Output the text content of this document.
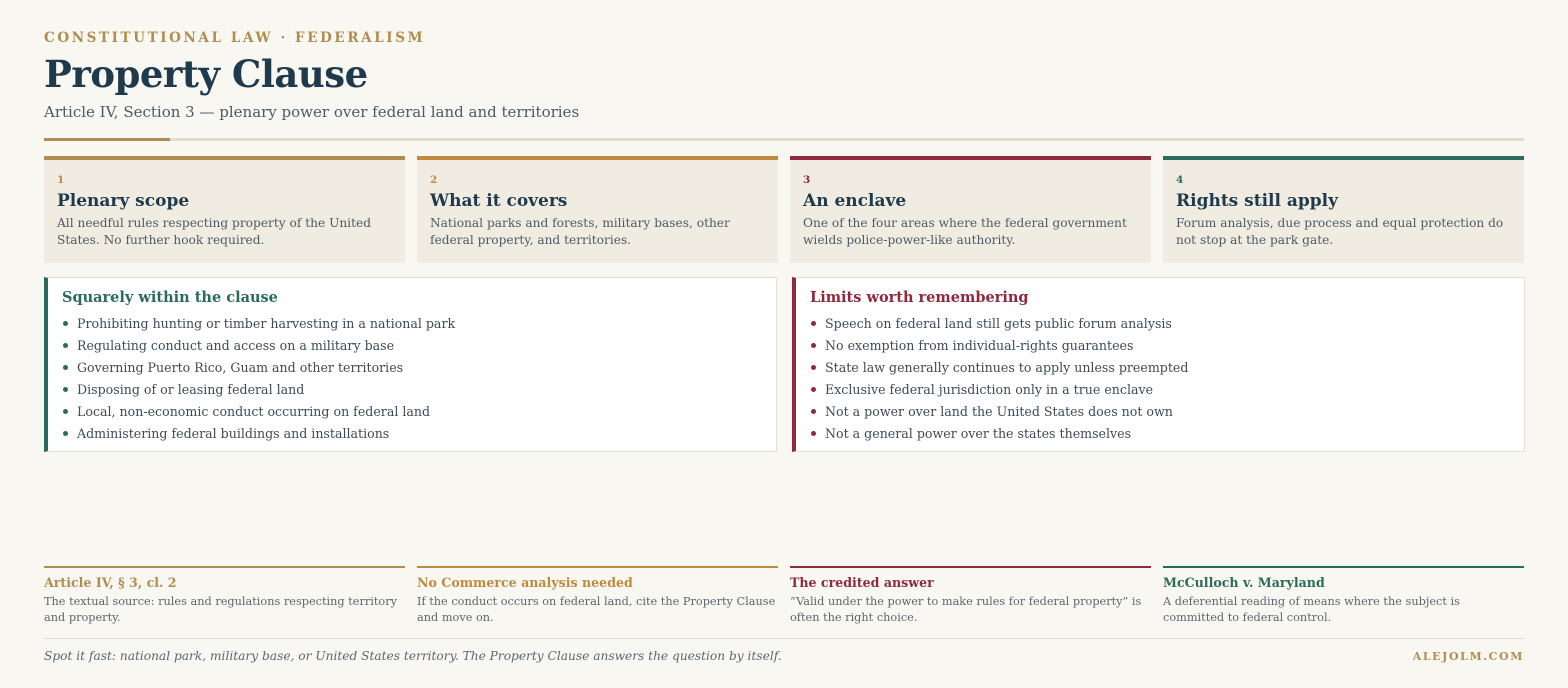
CONSTITUTIONAL LAW · FEDERALISM
Property Clause
Article IV, Section 3 — plenary power over federal land and territories
1
Plenary scope

All needful rules respecting property of the United States. No further hook required.

2
What it covers

National parks and forests, military bases, other federal property, and territories.

3
An enclave

One of the four areas where the federal government wields police-power-like authority.

4
Rights still apply

Forum analysis, due process and equal protection do not stop at the park gate.

Squarely within the clause
Prohibiting hunting or timber harvesting in a national park
Regulating conduct and access on a military base
Governing Puerto Rico, Guam and other territories
Disposing of or leasing federal land
Local, non-economic conduct occurring on federal land
Administering federal buildings and installations
Limits worth remembering
Speech on federal land still gets public forum analysis
No exemption from individual-rights guarantees
State law generally continues to apply unless preempted
Exclusive federal jurisdiction only in a true enclave
Not a power over land the United States does not own
Not a general power over the states themselves
Article IV, § 3, cl. 2

The textual source: rules and regulations respecting territory and property.

No Commerce analysis needed

If the conduct occurs on federal land, cite the Property Clause and move on.

The credited answer

“Valid under the power to make rules for federal property” is often the right choice.

McCulloch v. Maryland

A deferential reading of means where the subject is committed to federal control.

Spot it fast: national park, military base, or United States territory. The Property Clause answers the question by itself.	ALEJOLM.COM
